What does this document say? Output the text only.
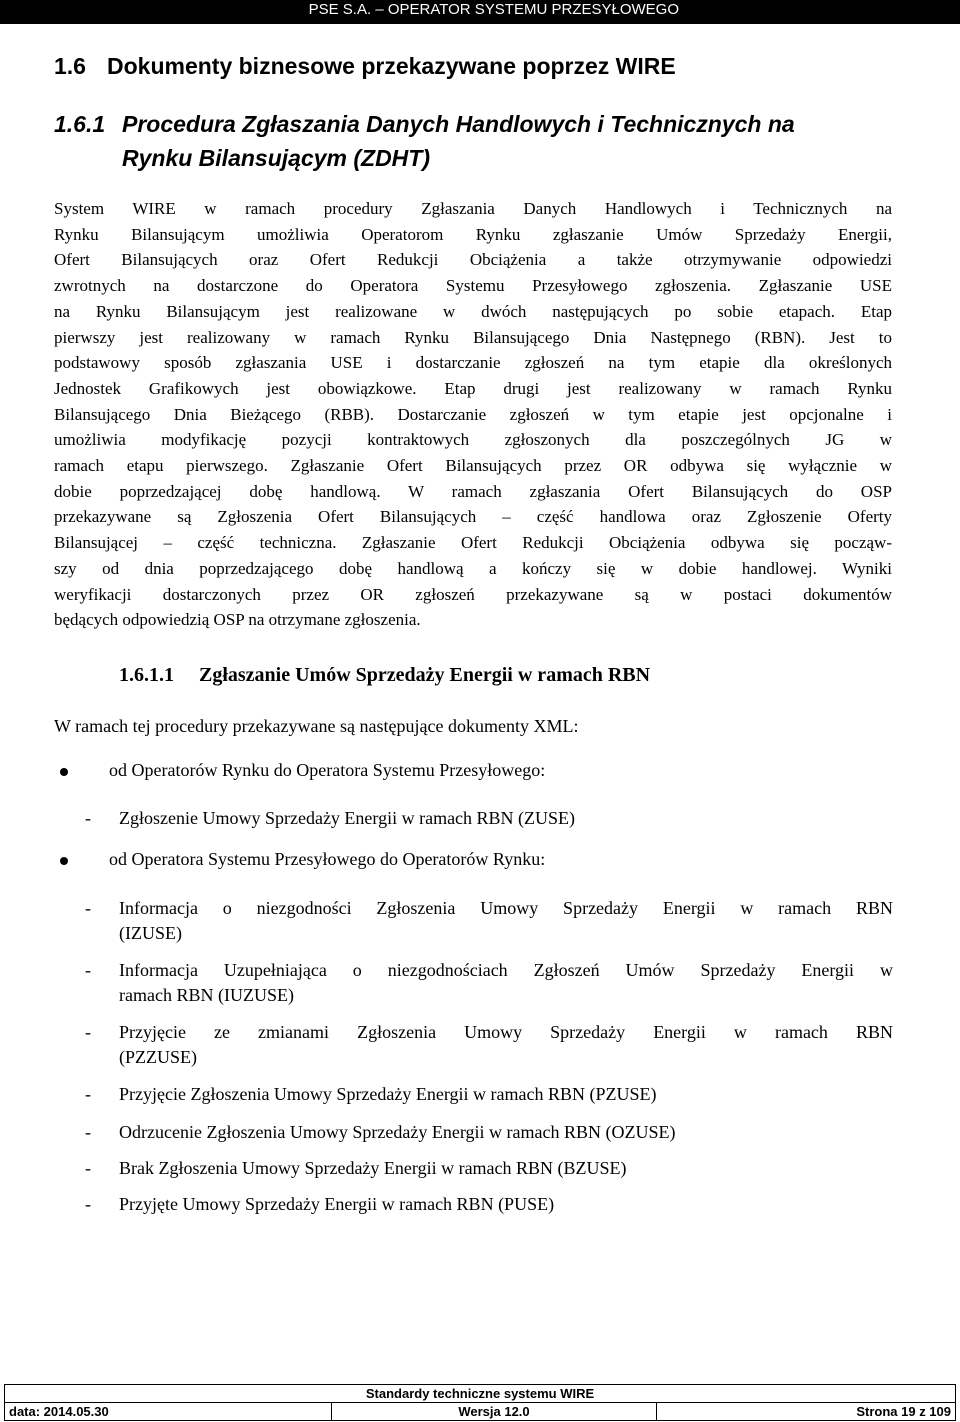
PSE S.A. – OPERATOR SYSTEMU PRZESYŁOWEGO
1.6 Dokumenty biznesowe przekazywane poprzez WIRE
1.6.1 Procedura Zgłaszania Danych Handlowych i Technicznych na
Rynku Bilansującym (ZDHT)
System WIRE w ramach procedury Zgłaszania Danych Handlowych i Technicznych na
Rynku Bilansującym umożliwia Operatorom Rynku zgłaszanie Umów Sprzedaży Energii,
Ofert Bilansujących oraz Ofert Redukcji Obciążenia a także otrzymywanie odpowiedzi
zwrotnych na dostarczone do Operatora Systemu Przesyłowego zgłoszenia. Zgłaszanie USE
na Rynku Bilansującym jest realizowane w dwóch następujących po sobie etapach. Etap
pierwszy jest realizowany w ramach Rynku Bilansującego Dnia Następnego (RBN). Jest to
podstawowy sposób zgłaszania USE i dostarczanie zgłoszeń na tym etapie dla określonych
Jednostek Grafikowych jest obowiązkowe. Etap drugi jest realizowany w ramach Rynku
Bilansującego Dnia Bieżącego (RBB). Dostarczanie zgłoszeń w tym etapie jest opcjonalne i
umożliwia modyfikację pozycji kontraktowych zgłoszonych dla poszczególnych JG w
ramach etapu pierwszego. Zgłaszanie Ofert Bilansujących przez OR odbywa się wyłącznie w
dobie poprzedzającej dobę handlową. W ramach zgłaszania Ofert Bilansujących do OSP
przekazywane są Zgłoszenia Ofert Bilansujących – część handlowa oraz Zgłoszenie Oferty
Bilansującej – część techniczna. Zgłaszanie Ofert Redukcji Obciążenia odbywa się począw-
szy od dnia poprzedzającego dobę handlową a kończy się w dobie handlowej. Wyniki
weryfikacji dostarczonych przez OR zgłoszeń przekazywane są w postaci dokumentów
będących odpowiedzią OSP na otrzymane zgłoszenia.
1.6.1.1 Zgłaszanie Umów Sprzedaży Energii w ramach RBN
W ramach tej procedury przekazywane są następujące dokumenty XML:
od Operatorów Rynku do Operatora Systemu Przesyłowego:
- Zgłoszenie Umowy Sprzedaży Energii w ramach RBN (ZUSE)
od Operatora Systemu Przesyłowego do Operatorów Rynku:
- Informacja o niezgodności Zgłoszenia Umowy Sprzedaży Energii w ramach RBN
(IZUSE)
- Informacja Uzupełniająca o niezgodnościach Zgłoszeń Umów Sprzedaży Energii w
ramach RBN (IUZUSE)
- Przyjęcie ze zmianami Zgłoszenia Umowy Sprzedaży Energii w ramach RBN
(PZZUSE)
- Przyjęcie Zgłoszenia Umowy Sprzedaży Energii w ramach RBN (PZUSE)
- Odrzucenie Zgłoszenia Umowy Sprzedaży Energii w ramach RBN (OZUSE)
- Brak Zgłoszenia Umowy Sprzedaży Energii w ramach RBN (BZUSE)
- Przyjęte Umowy Sprzedaży Energii w ramach RBN (PUSE)
Standardy techniczne systemu WIRE
data: 2014.05.30	Wersja 12.0	Strona 19 z 109
